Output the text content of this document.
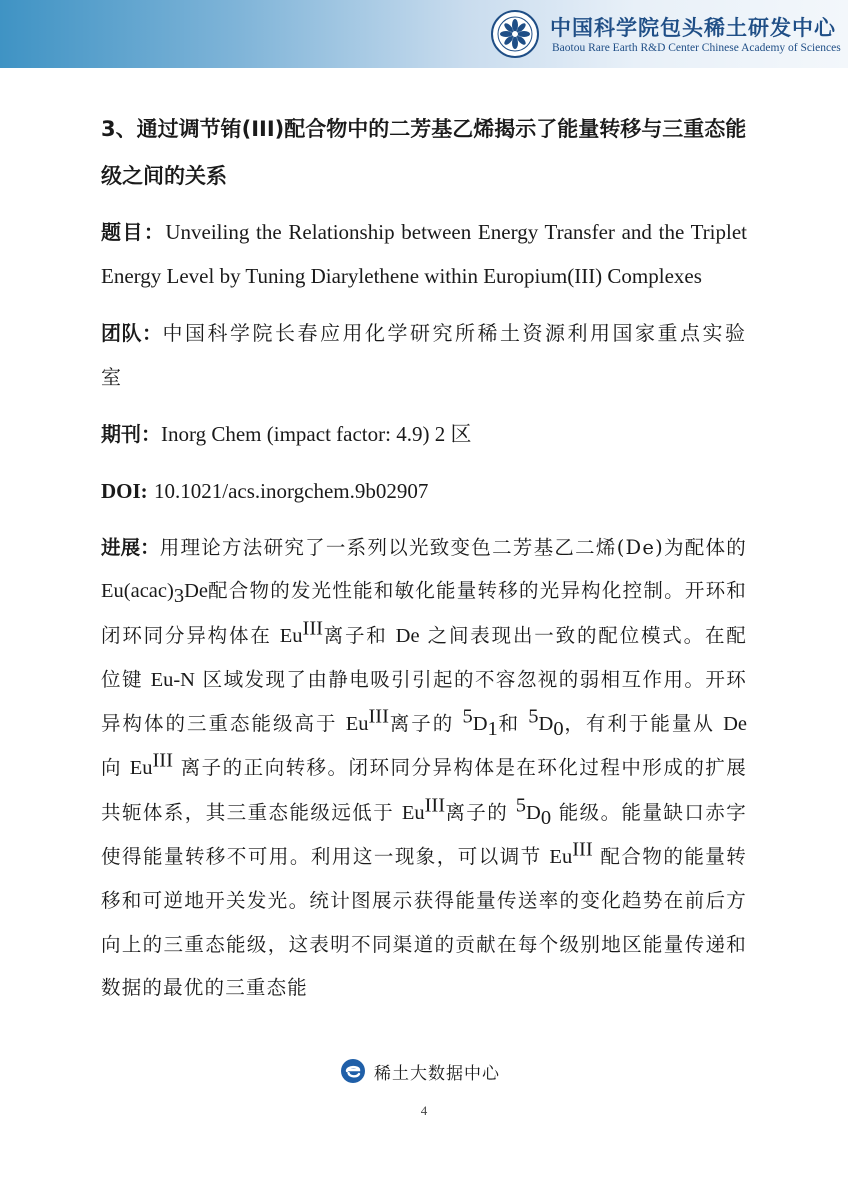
中国科学院包头稀土研发中心
Baotou Rare Earth R&D Center Chinese Academy of Sciences

3、通过调节铕(III)配合物中的二芳基乙烯揭示了能量转移与三重态能级之间的关系

题目：Unveiling the Relationship between Energy Transfer and the Triplet Energy Level by Tuning Diarylethene within Europium(III) Complexes

团队：中国科学院长春应用化学研究所稀土资源利用国家重点实验室

期刊：Inorg Chem (impact factor: 4.9) 2 区

DOI: 10.1021/acs.inorgchem.9b02907

进展：用理论方法研究了一系列以光致变色二芳基乙二烯(De)为配体的$Eu(acac)_3De$配合物的发光性能和敏化能量转移的光异构化控制。开环和闭环同分异构体在 $Eu^{III}$离子和 De 之间表现出一致的配位模式。在配位键 Eu-N 区域发现了由静电吸引引起的不容忽视的弱相互作用。开环异构体的三重态能级高于 $Eu^{III}$离子的 $^5D_1$和 $^5D_0$，有利于能量从 De 向 $Eu^{III}$ 离子的正向转移。闭环同分异构体是在环化过程中形成的扩展共轭体系，其三重态能级远低于 $Eu^{III}$离子的 $^5D_0$ 能级。能量缺口赤字使得能量转移不可用。利用这一现象，可以调节 $Eu^{III}$ 配合物的能量转移和可逆地开关发光。统计图展示获得能量传送率的变化趋势在前后方向上的三重态能级，这表明不同渠道的贡献在每个级别地区能量传递和数据的最优的三重态能

稀土大数据中心
4
